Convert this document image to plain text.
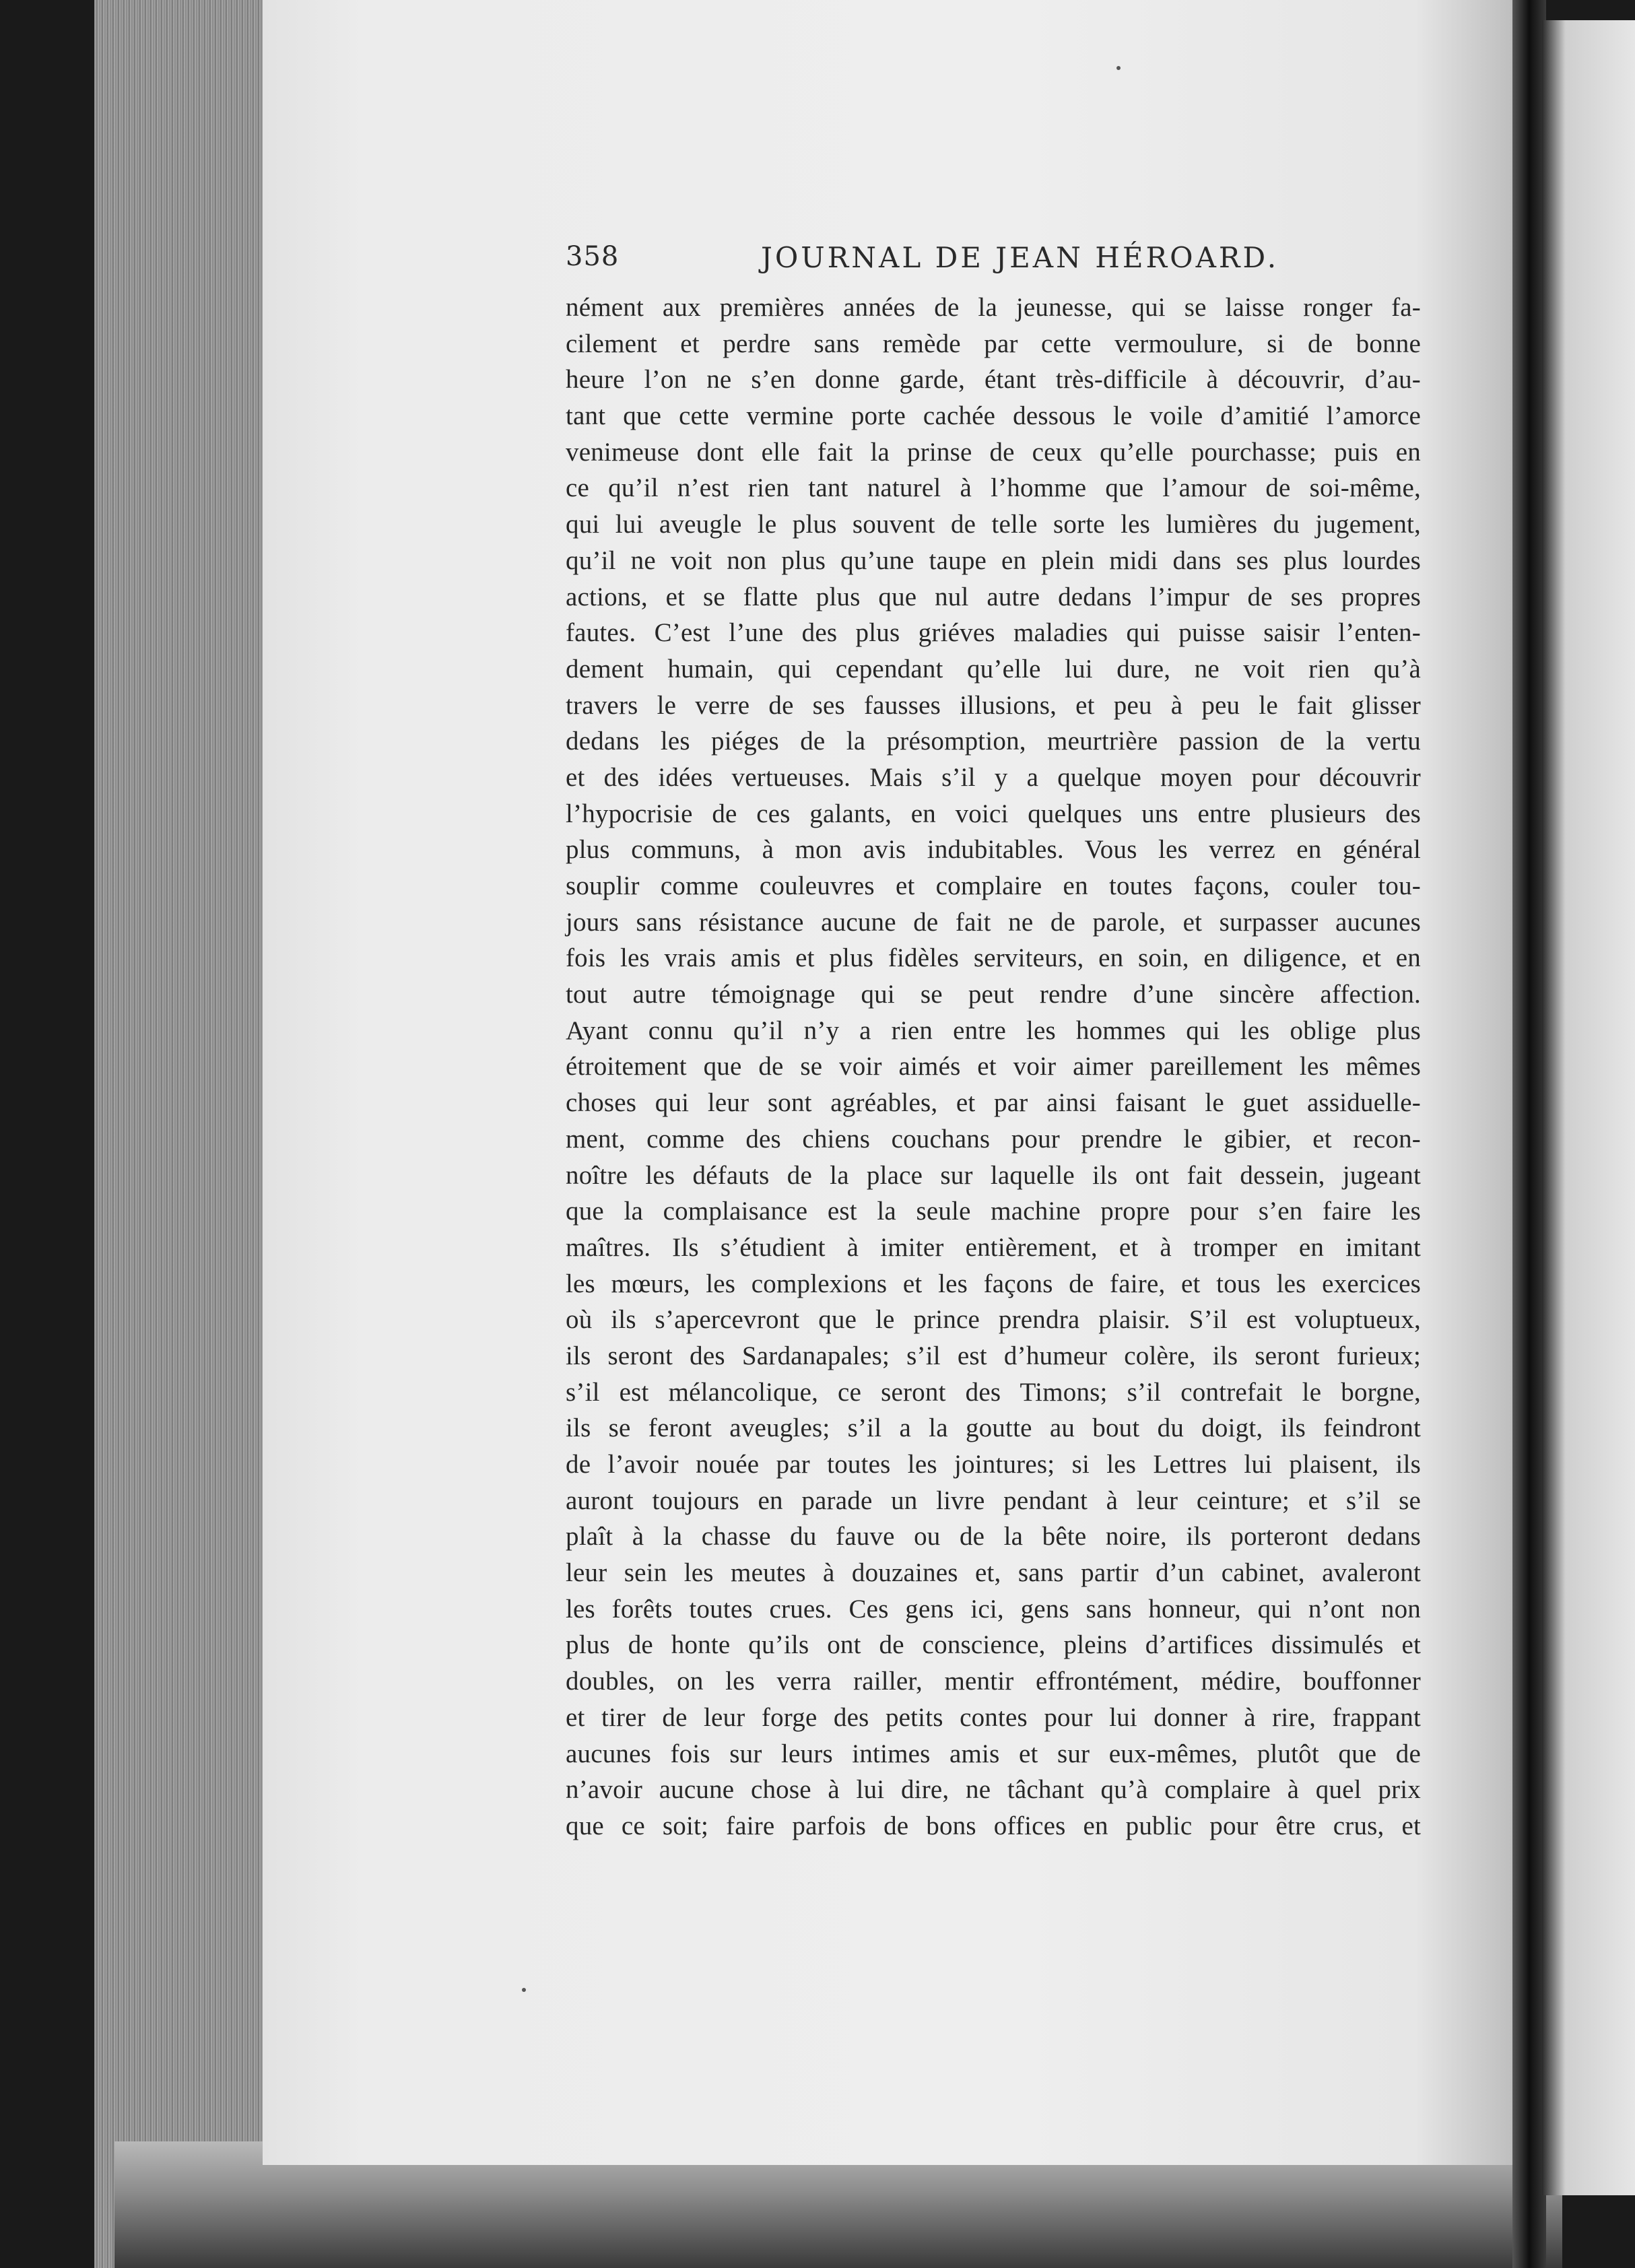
358	JOURNAL DE JEAN HÉROARD.
nément aux premières années de la jeunesse, qui se laisse ronger fa-
cilement et perdre sans remède par cette vermoulure, si de bonne
heure l’on ne s’en donne garde, étant très-difficile à découvrir, d’au-
tant que cette vermine porte cachée dessous le voile d’amitié l’amorce
venimeuse dont elle fait la prinse de ceux qu’elle pourchasse; puis en
ce qu’il n’est rien tant naturel à l’homme que l’amour de soi-même,
qui lui aveugle le plus souvent de telle sorte les lumières du jugement,
qu’il ne voit non plus qu’une taupe en plein midi dans ses plus lourdes
actions, et se flatte plus que nul autre dedans l’impur de ses propres
fautes. C’est l’une des plus griéves maladies qui puisse saisir l’enten-
dement humain, qui cependant qu’elle lui dure, ne voit rien qu’à
travers le verre de ses fausses illusions, et peu à peu le fait glisser
dedans les piéges de la présomption, meurtrière passion de la vertu
et des idées vertueuses. Mais s’il y a quelque moyen pour découvrir
l’hypocrisie de ces galants, en voici quelques uns entre plusieurs des
plus communs, à mon avis indubitables. Vous les verrez en général
souplir comme couleuvres et complaire en toutes façons, couler tou-
jours sans résistance aucune de fait ne de parole, et surpasser aucunes
fois les vrais amis et plus fidèles serviteurs, en soin, en diligence, et en
tout autre témoignage qui se peut rendre d’une sincère affection.
Ayant connu qu’il n’y a rien entre les hommes qui les oblige plus
étroitement que de se voir aimés et voir aimer pareillement les mêmes
choses qui leur sont agréables, et par ainsi faisant le guet assiduelle-
ment, comme des chiens couchans pour prendre le gibier, et recon-
noître les défauts de la place sur laquelle ils ont fait dessein, jugeant
que la complaisance est la seule machine propre pour s’en faire les
maîtres. Ils s’étudient à imiter entièrement, et à tromper en imitant
les mœurs, les complexions et les façons de faire, et tous les exercices
où ils s’apercevront que le prince prendra plaisir. S’il est voluptueux,
ils seront des Sardanapales; s’il est d’humeur colère, ils seront furieux;
s’il est mélancolique, ce seront des Timons; s’il contrefait le borgne,
ils se feront aveugles; s’il a la goutte au bout du doigt, ils feindront
de l’avoir nouée par toutes les jointures; si les Lettres lui plaisent, ils
auront toujours en parade un livre pendant à leur ceinture; et s’il se
plaît à la chasse du fauve ou de la bête noire, ils porteront dedans
leur sein les meutes à douzaines et, sans partir d’un cabinet, avaleront
les forêts toutes crues. Ces gens ici, gens sans honneur, qui n’ont non
plus de honte qu’ils ont de conscience, pleins d’artifices dissimulés et
doubles, on les verra railler, mentir effrontément, médire, bouffonner
et tirer de leur forge des petits contes pour lui donner à rire, frappant
aucunes fois sur leurs intimes amis et sur eux-mêmes, plutôt que de
n’avoir aucune chose à lui dire, ne tâchant qu’à complaire à quel prix
que ce soit; faire parfois de bons offices en public pour être crus, et
